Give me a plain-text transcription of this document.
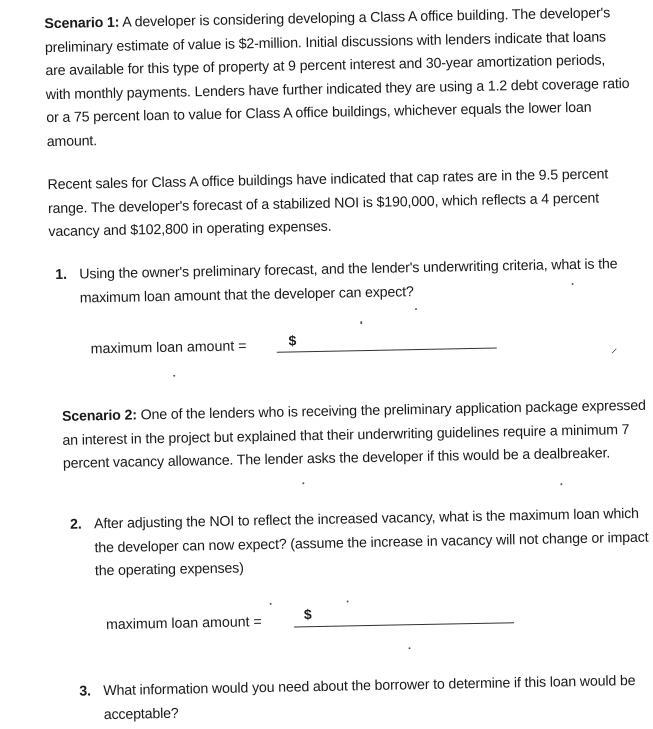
Scenario 1: A developer is considering developing a Class A office building. The developer's
preliminary estimate of value is $2-million. Initial discussions with lenders indicate that loans
are available for this type of property at 9 percent interest and 30-year amortization periods,
with monthly payments. Lenders have further indicated they are using a 1.2 debt coverage ratio
or a 75 percent loan to value for Class A office buildings, whichever equals the lower loan
amount.
Recent sales for Class A office buildings have indicated that cap rates are in the 9.5 percent
range. The developer's forecast of a stabilized NOI is $190,000, which reflects a 4 percent
vacancy and $102,800 in operating expenses.
1. Using the owner's preliminary forecast, and the lender's underwriting criteria, what is the
maximum loan amount that the developer can expect?
maximum loan amount =	$
Scenario 2: One of the lenders who is receiving the preliminary application package expressed
an interest in the project but explained that their underwriting guidelines require a minimum 7
percent vacancy allowance. The lender asks the developer if this would be a dealbreaker.
2. After adjusting the NOI to reflect the increased vacancy, what is the maximum loan which
the developer can now expect? (assume the increase in vacancy will not change or impact
the operating expenses)
maximum loan amount =	$
3. What information would you need about the borrower to determine if this loan would be
acceptable?
⸝
